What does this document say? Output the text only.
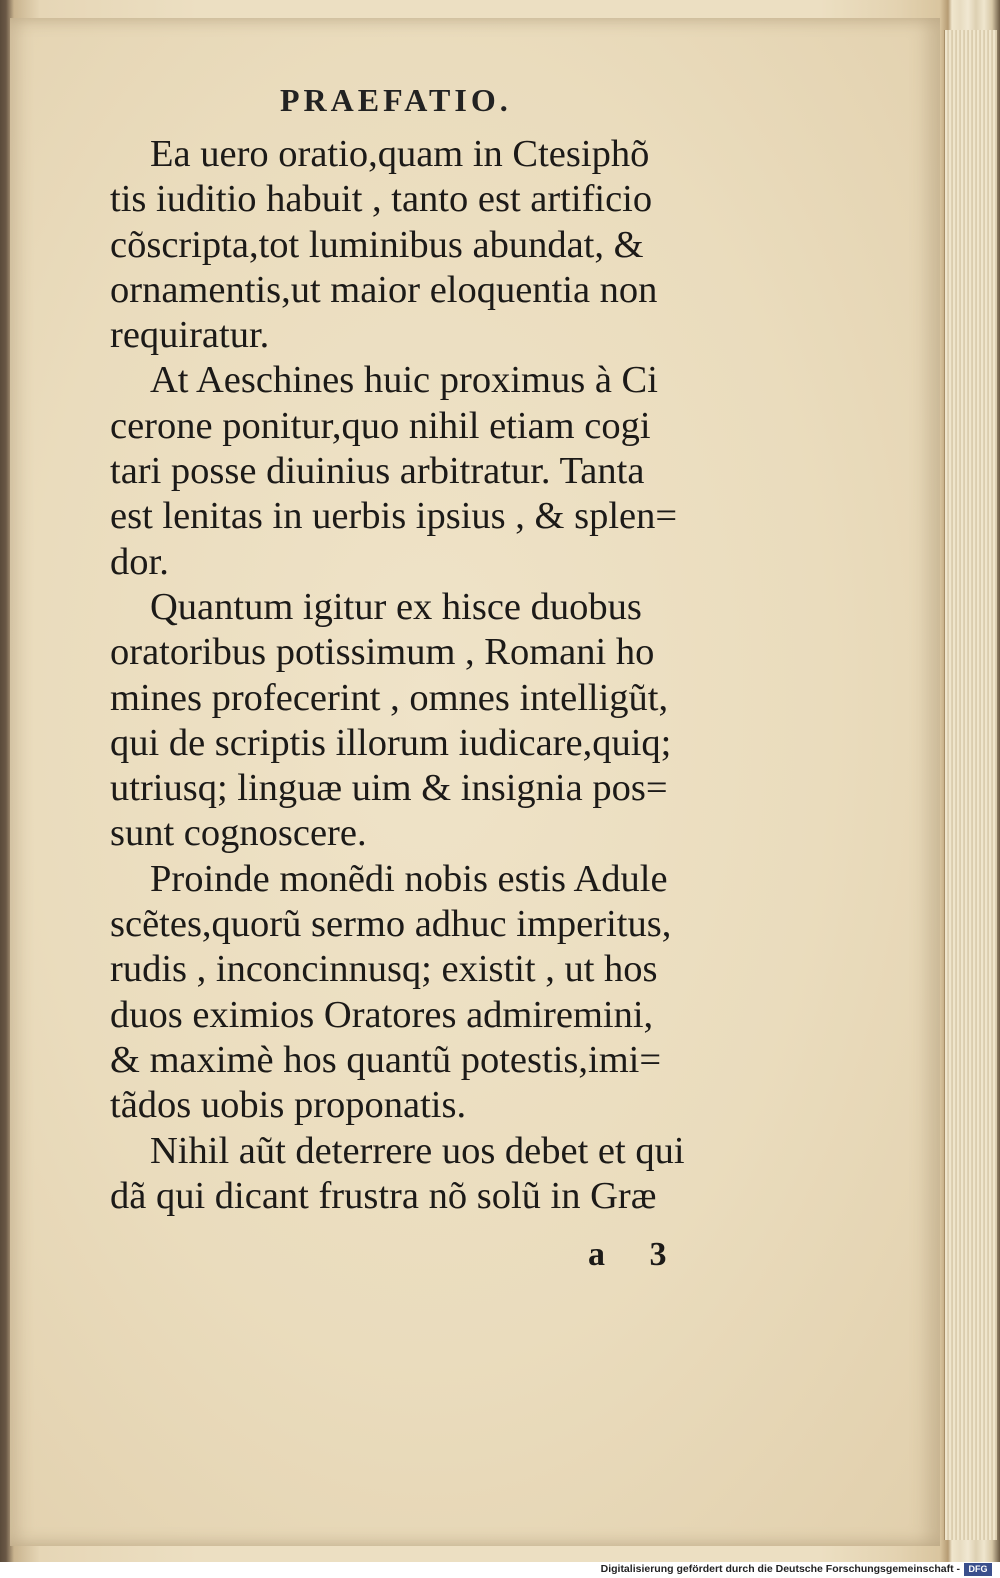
PRAEFATIO.
Ea uero oratio,quam in Ctesiphõ
tis iuditio habuit , tanto est artificio
cõscripta,tot luminibus abundat, &
ornamentis,ut maior eloquentia non
requiratur.
At Aeschines huic proximus à Ci
cerone ponitur,quo nihil etiam cogi
tari posse diuinius arbitratur. Tanta
est lenitas in uerbis ipsius , & splen=
dor.
Quantum igitur ex hisce duobus
oratoribus potissimum , Romani ho
mines profecerint , omnes intelligũt,
qui de scriptis illorum iudicare,quiq;
utriusq; linguæ uim & insignia pos=
sunt cognoscere.
Proinde monẽdi nobis estis Adule
scẽtes,quorũ sermo adhuc imperitus,
rudis , inconcinnusq; existit , ut hos
duos eximios Oratores admiremini,
& maximè hos quantũ potestis,imi=
tãdos uobis proponatis.
Nihil aũt deterrere uos debet et qui
dã qui dicant frustra nõ solũ in Græ
a 3
Digitalisierung gefördert durch die Deutsche Forschungsgemeinschaft - DFG
